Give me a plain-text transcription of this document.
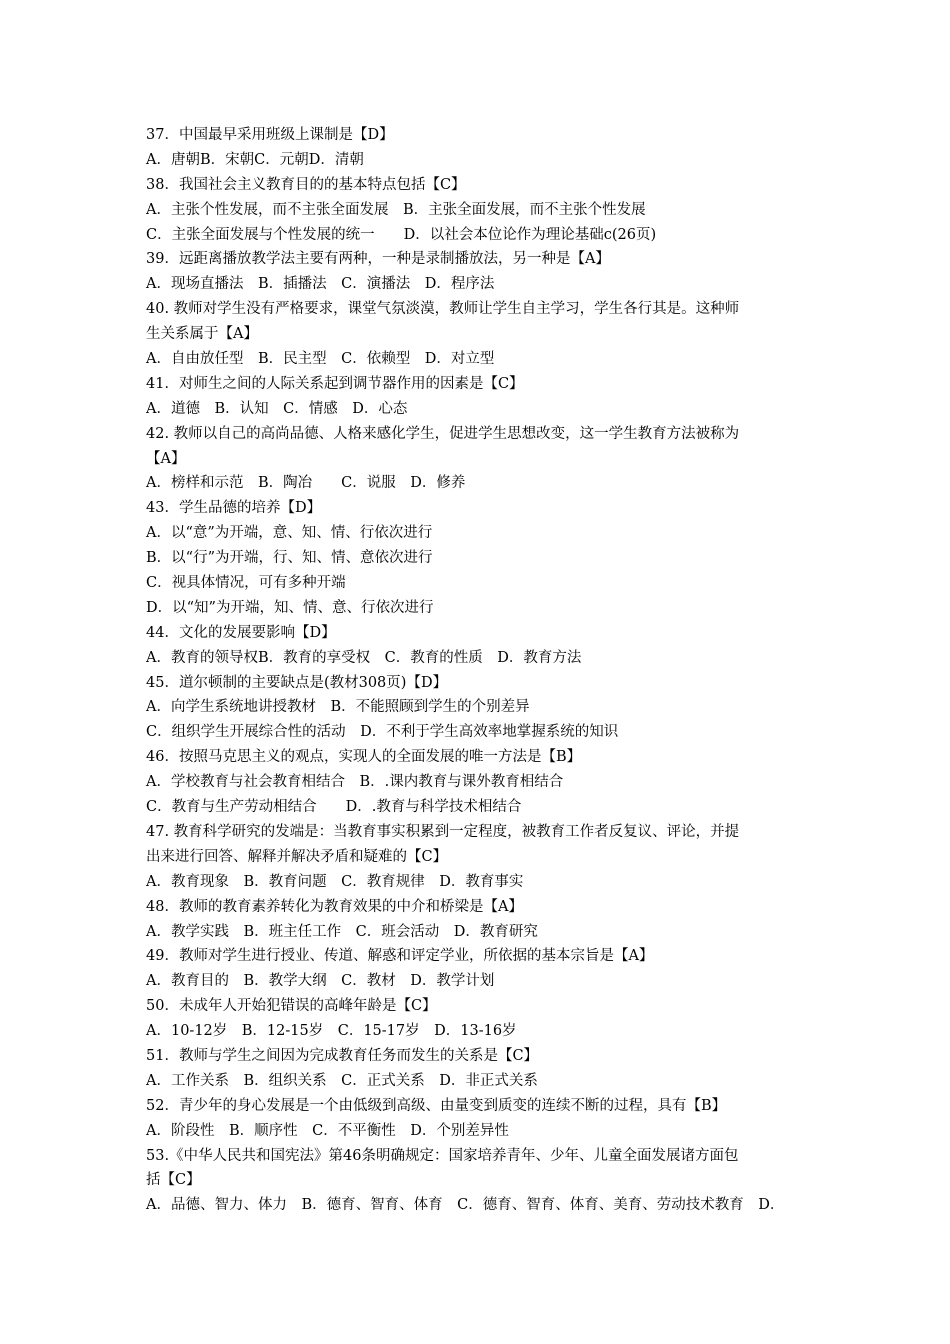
37．中国最早采用班级上课制是【D】
A．唐朝B．宋朝C．元朝D．清朝
38．我国社会主义教育目的的基本特点包括【C】
A．主张个性发展，而不主张全面发展　B．主张全面发展，而不主张个性发展
C．主张全面发展与个性发展的统一　　D．以社会本位论作为理论基础c(26页)
39．远距离播放教学法主要有两种，一种是录制播放法，另一种是【A】
A．现场直播法　B．插播法　C．演播法　D．程序法
40. 教师对学生没有严格要求，课堂气氛淡漠，教师让学生自主学习，学生各行其是。这种师
生关系属于【A】
A．自由放任型　B．民主型　C．依赖型　D．对立型
41．对师生之间的人际关系起到调节器作用的因素是【C】
A．道德　B．认知　C．情感　D．心态
42. 教师以自己的高尚品德、人格来感化学生，促进学生思想改变，这一学生教育方法被称为
【A】
A．榜样和示范　B．陶冶　　C．说服　D．修养
43．学生品德的培养【D】
A．以“意”为开端，意、知、情、行依次进行
B．以“行”为开端，行、知、情、意依次进行
C．视具体情况，可有多种开端
D．以“知”为开端，知、情、意、行依次进行
44．文化的发展要影响【D】
A．教育的领导权B．教育的享受权　C．教育的性质　D．教育方法
45．道尔顿制的主要缺点是(教材308页)【D】
A．向学生系统地讲授教材　B．不能照顾到学生的个别差异
C．组织学生开展综合性的活动　D．不利于学生高效率地掌握系统的知识
46．按照马克思主义的观点，实现人的全面发展的唯一方法是【B】
A．学校教育与社会教育相结合　B．.课内教育与课外教育相结合
C．教育与生产劳动相结合　　D．.教育与科学技术相结合
47. 教育科学研究的发端是：当教育事实积累到一定程度，被教育工作者反复议、评论，并提
出来进行回答、解释并解决矛盾和疑难的【C】
A．教育现象　B．教育问题　C．教育规律　D．教育事实
48．教师的教育素养转化为教育效果的中介和桥梁是【A】
A．教学实践　B．班主任工作　C．班会活动　D．教育研究
49．教师对学生进行授业、传道、解惑和评定学业，所依据的基本宗旨是【A】
A．教育目的　B．教学大纲　C．教材　D．教学计划
50．未成年人开始犯错误的高峰年龄是【C】
A．10-12岁　B．12-15岁　C．15-17岁　D．13-16岁
51．教师与学生之间因为完成教育任务而发生的关系是【C】
A．工作关系　B．组织关系　C．正式关系　D．非正式关系
52．青少年的身心发展是一个由低级到高级、由量变到质变的连续不断的过程，具有【B】
A．阶段性　B．顺序性　C．不平衡性　D．个别差异性
53.《中华人民共和国宪法》第46条明确规定：国家培养青年、少年、儿童全面发展诸方面包
括【C】
A．品德、智力、体力　B．德育、智育、体育　C．德育、智育、体育、美育、劳动技术教育　D．
